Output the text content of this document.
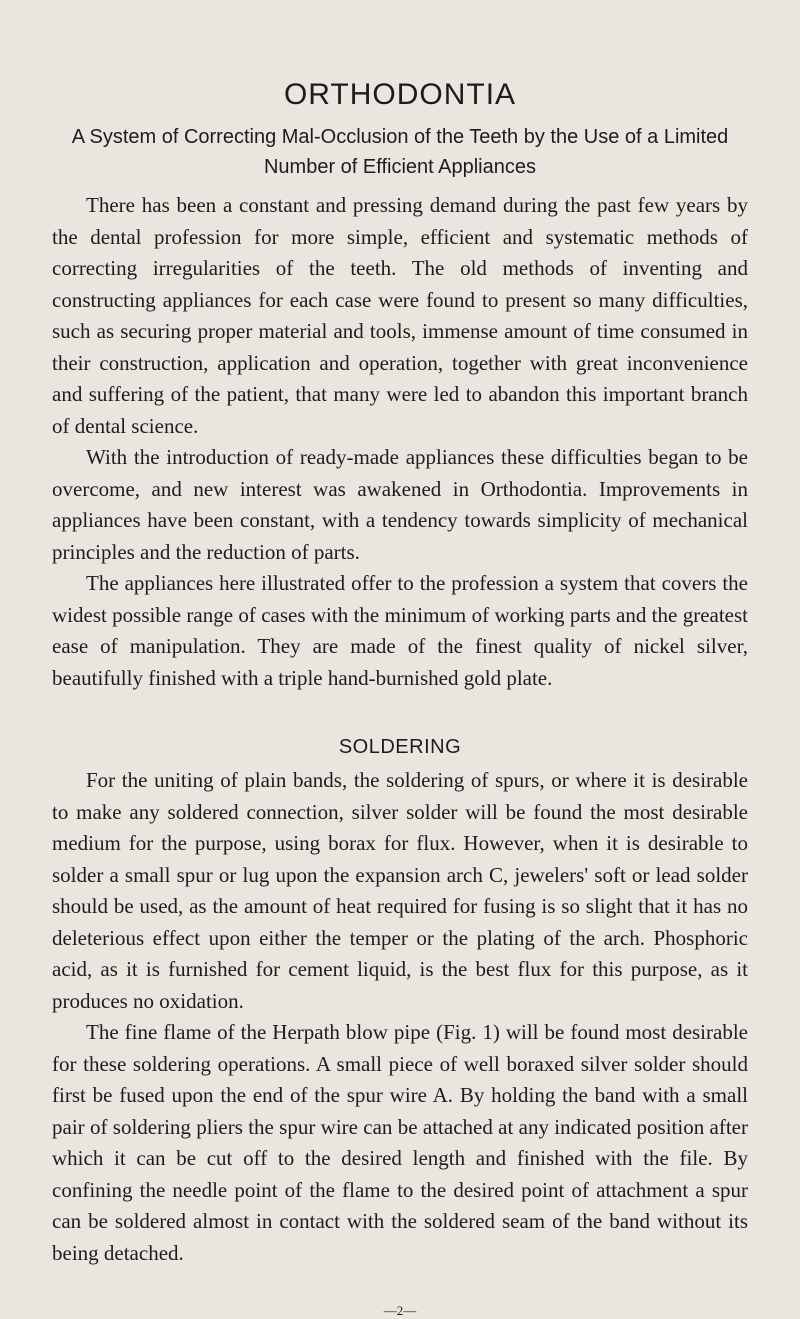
ORTHODONTIA
A System of Correcting Mal-Occlusion of the Teeth by the Use of a Limited Number of Efficient Appliances

There has been a constant and pressing demand during the past few years by the dental profession for more simple, efficient and systematic methods of correcting irregularities of the teeth. The old methods of inventing and constructing appliances for each case were found to present so many difficulties, such as securing proper material and tools, immense amount of time consumed in their construction, application and operation, together with great inconvenience and suffering of the patient, that many were led to abandon this important branch of dental science.

With the introduction of ready-made appliances these difficulties began to be overcome, and new interest was awakened in Orthodontia. Improvements in appliances have been constant, with a tendency towards simplicity of mechanical principles and the reduction of parts.

The appliances here illustrated offer to the profession a system that covers the widest possible range of cases with the minimum of working parts and the greatest ease of manipulation. They are made of the finest quality of nickel silver, beautifully finished with a triple hand-burnished gold plate.

SOLDERING

For the uniting of plain bands, the soldering of spurs, or where it is desirable to make any soldered connection, silver solder will be found the most desirable medium for the purpose, using borax for flux. However, when it is desirable to solder a small spur or lug upon the expansion arch C, jewelers' soft or lead solder should be used, as the amount of heat required for fusing is so slight that it has no deleterious effect upon either the temper or the plating of the arch. Phosphoric acid, as it is furnished for cement liquid, is the best flux for this purpose, as it produces no oxidation.

The fine flame of the Herpath blow pipe (Fig. 1) will be found most desirable for these soldering operations. A small piece of well boraxed silver solder should first be fused upon the end of the spur wire A. By holding the band with a small pair of soldering pliers the spur wire can be attached at any indicated position after which it can be cut off to the desired length and finished with the file. By confining the needle point of the flame to the desired point of attachment a spur can be soldered almost in contact with the soldered seam of the band without its being detached.

—2—
